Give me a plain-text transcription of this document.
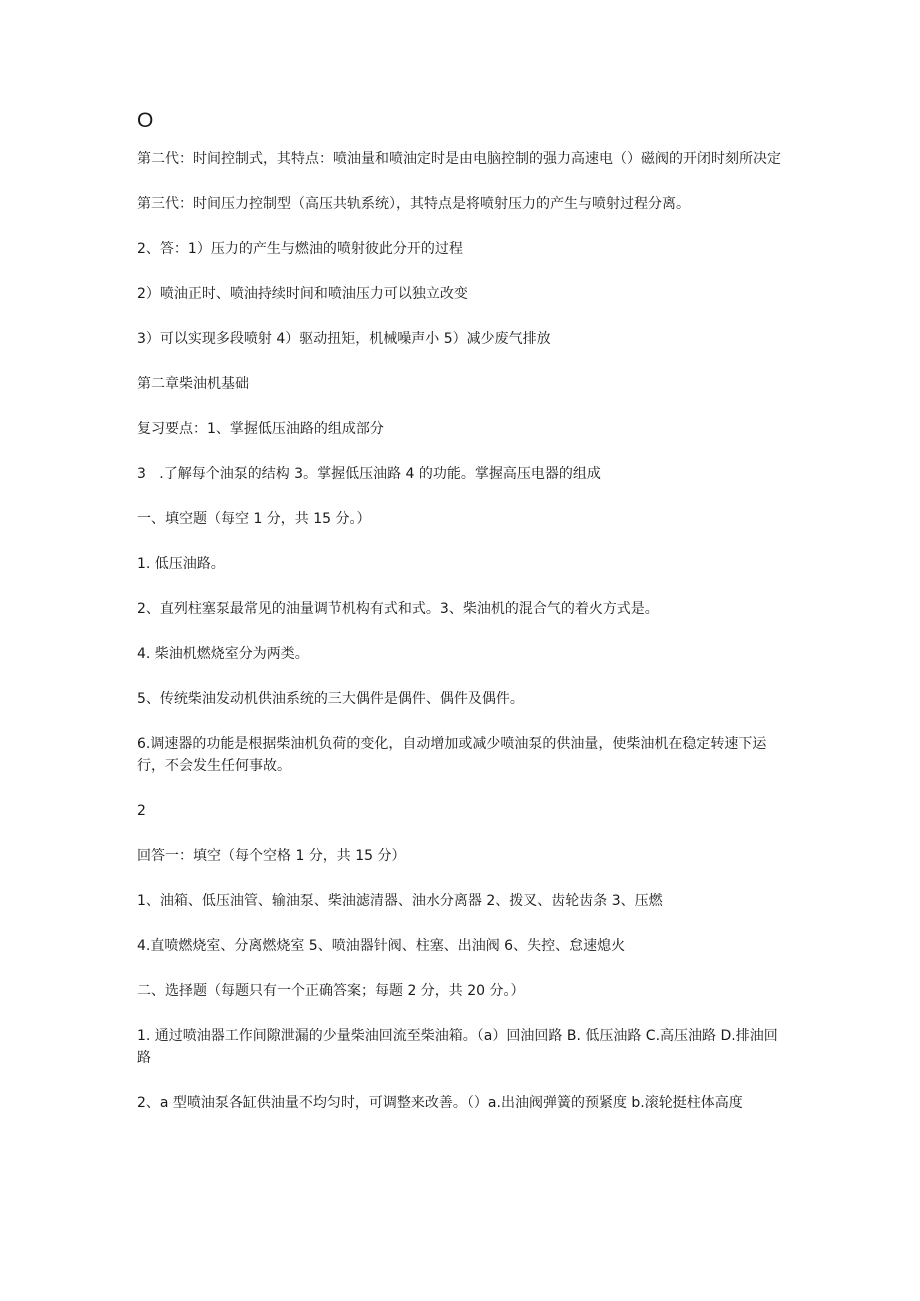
O

第二代：时间控制式，其特点：喷油量和喷油定时是由电脑控制的强力高速电（）磁阀的开闭时刻所决定

第三代：时间压力控制型（高压共轨系统），其特点是将喷射压力的产生与喷射过程分离。

2、答：1）压力的产生与燃油的喷射彼此分开的过程

2）喷油正时、喷油持续时间和喷油压力可以独立改变

3）可以实现多段喷射 4）驱动扭矩，机械噪声小 5）减少废气排放

第二章柴油机基础

复习要点：1、掌握低压油路的组成部分

3   .了解每个油泵的结构 3。掌握低压油路 4 的功能。掌握高压电器的组成

一、填空题（每空 1 分，共 15 分。）

1. 低压油路。

2、直列柱塞泵最常见的油量调节机构有式和式。3、柴油机的混合气的着火方式是。

4. 柴油机燃烧室分为两类。

5、传统柴油发动机供油系统的三大偶件是偶件、偶件及偶件。

6.调速器的功能是根据柴油机负荷的变化，自动增加或减少喷油泵的供油量，使柴油机在稳定转速下运行，不会发生任何事故。

2

回答一：填空（每个空格 1 分，共 15 分）

1、油箱、低压油管、输油泵、柴油滤清器、油水分离器 2、拨叉、齿轮齿条 3、压燃

4.直喷燃烧室、分离燃烧室 5、喷油器针阀、柱塞、出油阀 6、失控、怠速熄火

二、选择题（每题只有一个正确答案；每题 2 分，共 20 分。）

1. 通过喷油器工作间隙泄漏的少量柴油回流至柴油箱。（a）回油回路 B. 低压油路 C.高压油路 D.排油回路

2、a 型喷油泵各缸供油量不均匀时，可调整来改善。（）a.出油阀弹簧的预紧度 b.滚轮挺柱体高度
